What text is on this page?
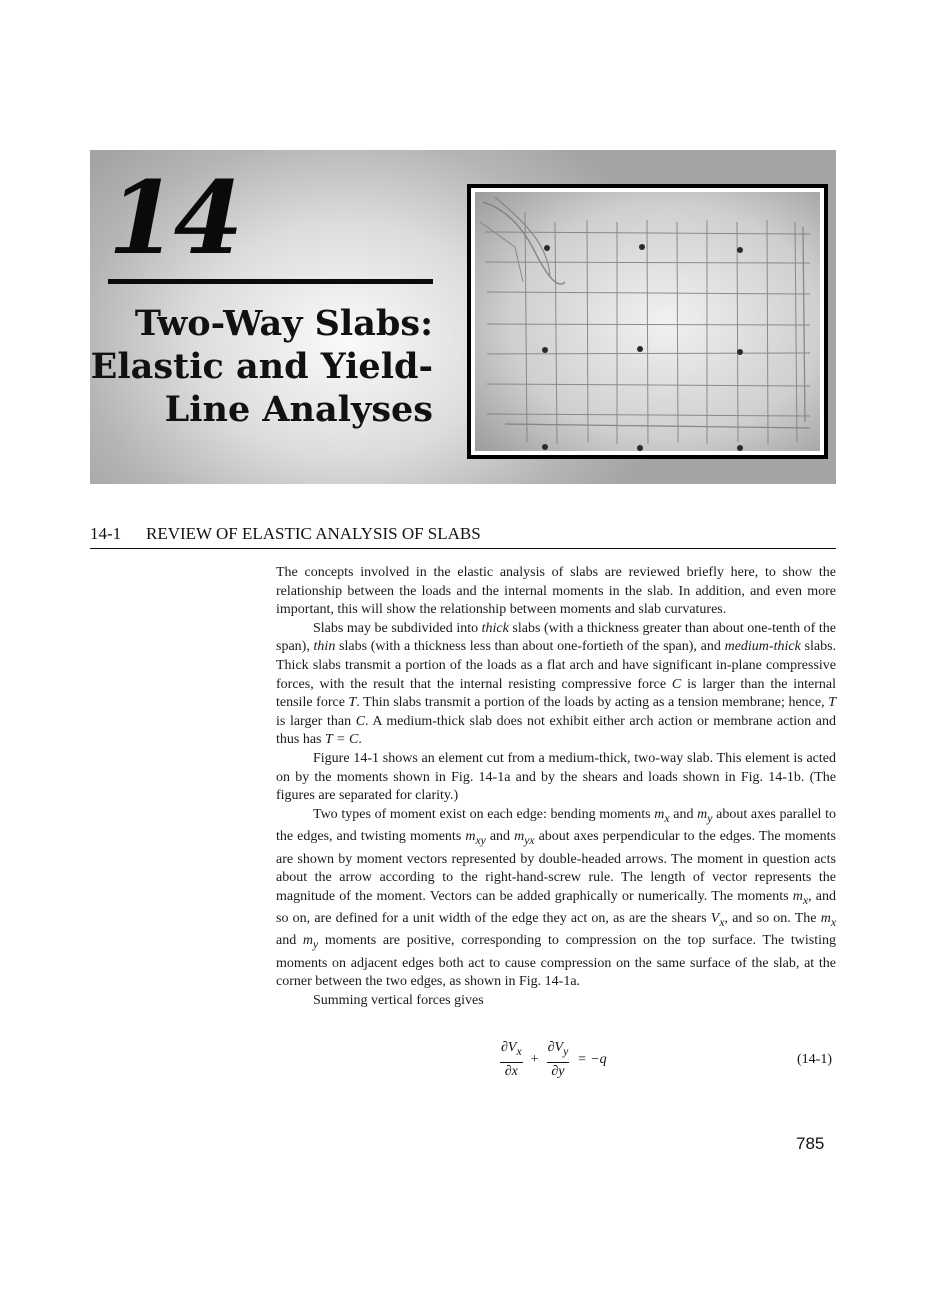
14
Two-Way Slabs:
Elastic and Yield-
Line Analyses
14-1 REVIEW OF ELASTIC ANALYSIS OF SLABS

The concepts involved in the elastic analysis of slabs are reviewed briefly here, to show the relationship between the loads and the internal moments in the slab. In addition, and even more important, this will show the relationship between moments and slab curvatures.

Slabs may be subdivided into thick slabs (with a thickness greater than about one-tenth of the span), thin slabs (with a thickness less than about one-fortieth of the span), and medium-thick slabs. Thick slabs transmit a portion of the loads as a flat arch and have significant in-plane compressive forces, with the result that the internal resisting compressive force C is larger than the internal tensile force T. Thin slabs transmit a portion of the loads by acting as a tension membrane; hence, T is larger than C. A medium-thick slab does not exhibit either arch action or membrane action and thus has T = C.

Figure 14-1 shows an element cut from a medium-thick, two-way slab. This element is acted on by the moments shown in Fig. 14-1a and by the shears and loads shown in Fig. 14-1b. (The figures are separated for clarity.)

Two types of moment exist on each edge: bending moments $m_x$ and $m_y$ about axes parallel to the edges, and twisting moments $m_{xy}$ and $m_{yx}$ about axes perpendicular to the edges. The moments are shown by moment vectors represented by double-headed arrows. The moment in question acts about the arrow according to the right-hand-screw rule. The length of vector represents the magnitude of the moment. Vectors can be added graphically or numerically. The moments $m_x$, and so on, are defined for a unit width of the edge they act on, as are the shears $V_x$, and so on. The $m_x$ and $m_y$ moments are positive, corresponding to compression on the top surface. The twisting moments on adjacent edges both act to cause compression on the same surface of the slab, at the corner between the two edges, as shown in Fig. 14-1a.

Summing vertical forces gives

$\frac{\partial V_x}{\partial x} + \frac{\partial V_y}{\partial y} = -q$	(14-1)

785
